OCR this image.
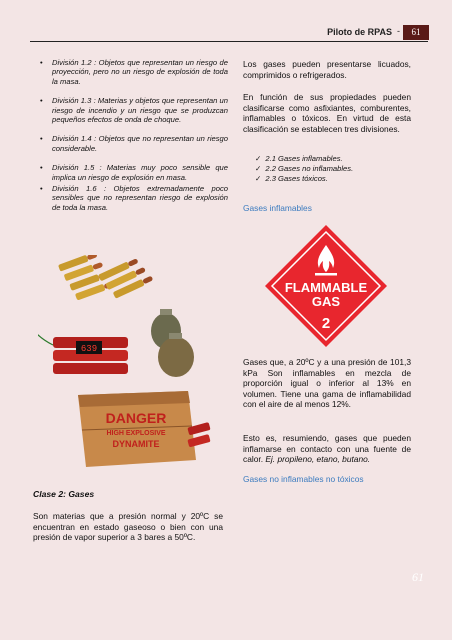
Piloto de RPAS -	61
• División 1.2 : Objetos que representan un riesgo de proyección, pero no un riesgo de explosión de toda la masa.
• División 1.3 : Materias y objetos que representan un riesgo de incendio y un riesgo que se produzcan pequeños efectos de onda de choque.
• División 1.4 : Objetos que no representan un riesgo considerable.
• División 1.5 : Materias muy poco sensible que implica un riesgo de explosión en masa.
• División 1.6 : Objetos extremadamente poco sensibles que no representan riesgo de explosión de toda la masa.
Los gases pueden presentarse licuados, comprimidos o refrigerados.
En función de sus propiedades pueden clasificarse como asfixiantes, comburentes, inflamables o tóxicos. En virtud de esta clasificación se establecen tres divisiones.
✓ 2.1 Gases inflamables.
✓ 2.2 Gases no inflamables.
✓ 2.3 Gases tóxicos.
Gases inflamables
FLAMMABLE
GAS
2
Gases que, a 20ºC y a una presión de 101,3 kPa Son inflamables en mezcla de proporción igual o inferior al 13% en volumen. Tiene una gama de inflamabilidad con el aire de al menos 12%.
Esto es, resumiendo, gases que pueden inflamarse en contacto con una fuente de calor. Ej. propileno, etano, butano.
Gases no inflamables no tóxicos
639
DANGER
HIGH EXPLOSIVE
DYNAMITE
Clase 2: Gases
Son materias que a presión normal y 20ºC se encuentran en estado gaseoso o bien con una presión de vapor superior a 3 bares a 50ºC.
61
